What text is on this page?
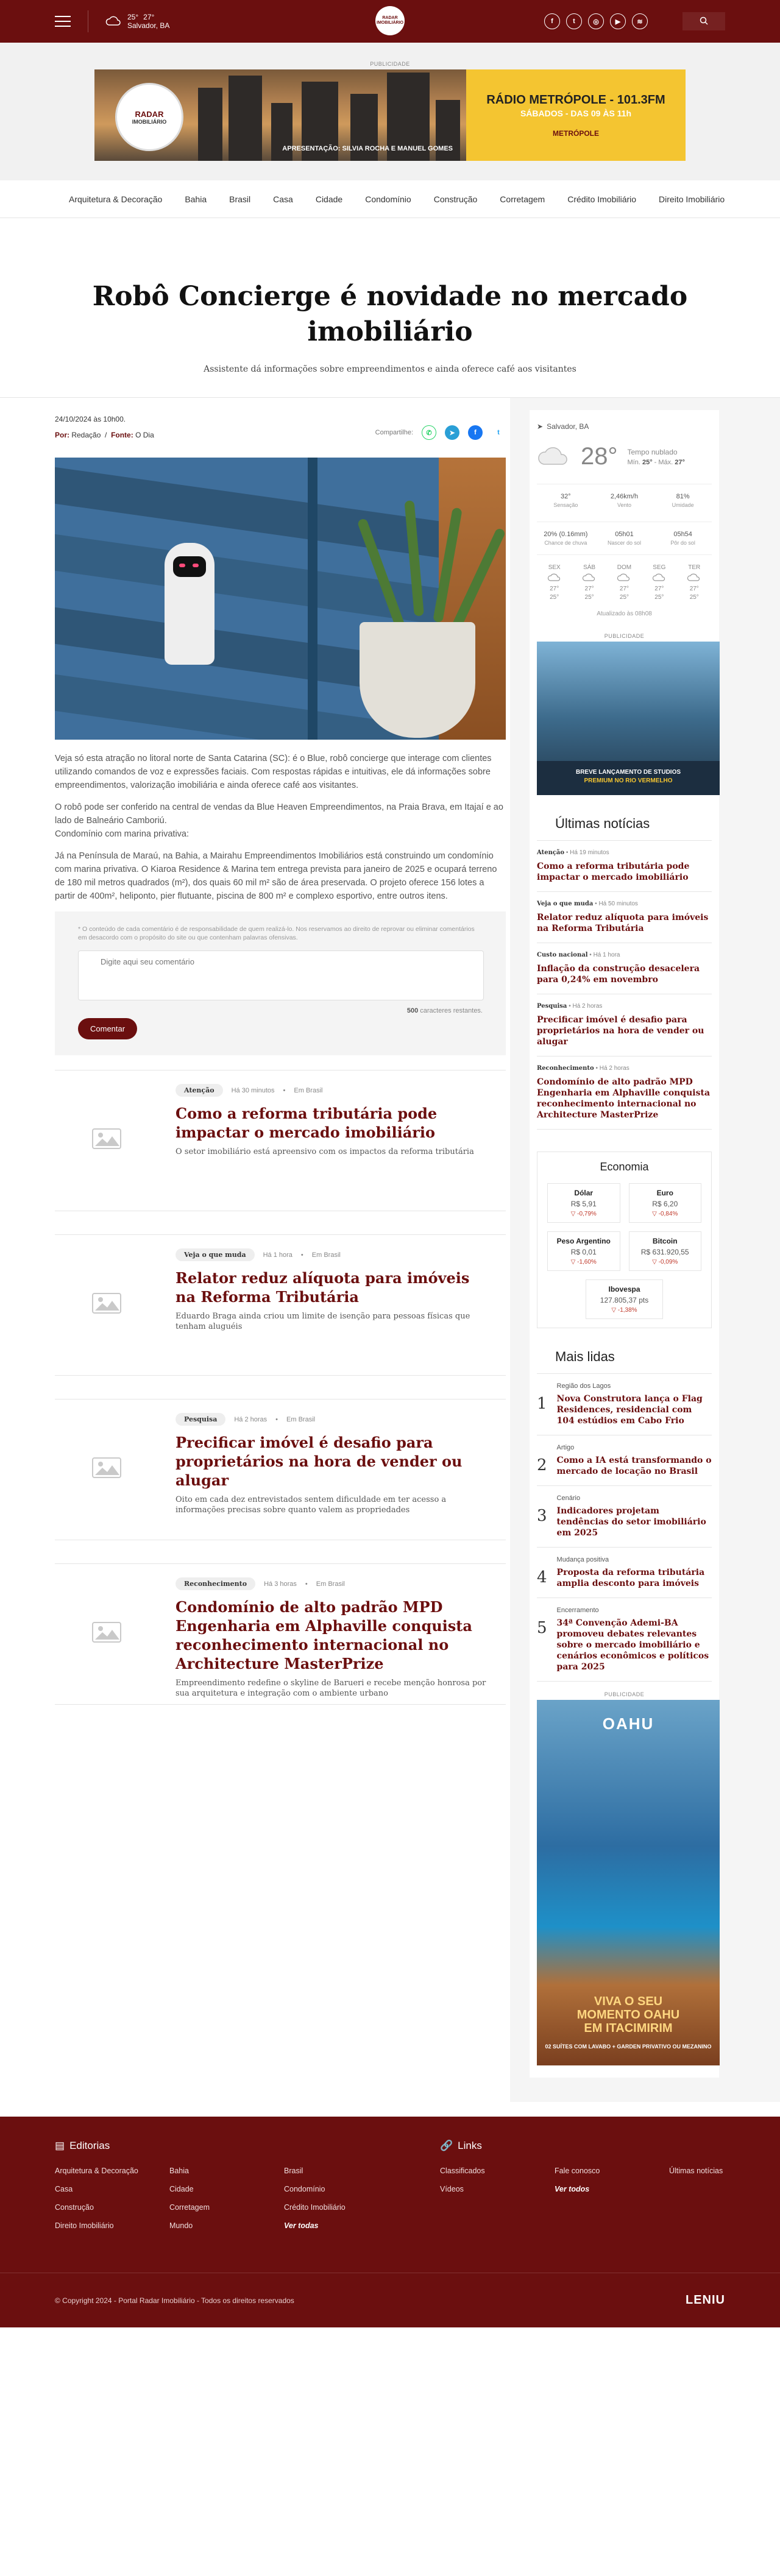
25° 27°
Salvador, BA
RADAR IMOBILIÁRIO	f	t	◎	▶	≋
PUBLICIDADE
RADAR
IMOBILIÁRIO
APRESENTAÇÃO: SILVIA ROCHA E MANUEL GOMES
RÁDIO METRÓPOLE - 101.3FM
SÁBADOS - DAS 09 ÀS 11h
METRÓPOLE
Arquitetura & Decoração	Bahia	Brasil	Casa	Cidade	Condomínio	Construção	Corretagem	Crédito Imobiliário	Direito Imobiliário
Robô Concierge é novidade no mercado imobiliário
Assistente dá informações sobre empreendimentos e ainda oferece café aos visitantes
24/10/2024 às 10h00.
Por: Redação  /  Fonte: O Dia	Compartilhe:	✆	➤	f	t

Veja só esta atração no litoral norte de Santa Catarina (SC): é o Blue, robô concierge que interage com clientes utilizando comandos de voz e expressões faciais. Com respostas rápidas e intuitivas, ele dá informações sobre empreendimentos, valorização imobiliária e ainda oferece café aos visitantes.

O robô pode ser conferido na central de vendas da Blue Heaven Empreendimentos, na Praia Brava, em Itajaí e ao lado de Balneário Camboriú.
Condomínio com marina privativa:

Já na Península de Maraú, na Bahia, a Mairahu Empreendimentos Imobiliários está construindo um condomínio com marina privativa. O Kiaroa Residence & Marina tem entrega prevista para janeiro de 2025 e ocupará terreno de 180 mil metros quadrados (m²), dos quais 60 mil m² são de área preservada. O projeto oferece 156 lotes a partir de 400m², heliponto, pier flutuante, piscina de 800 m² e complexo esportivo, entre outros itens.

* O conteúdo de cada comentário é de responsabilidade de quem realizá-lo. Nos reservamos ao direito de reprovar ou eliminar comentários em desacordo com o propósito do site ou que contenham palavras ofensivas.
Digite aqui seu comentário
500 caracteres restantes.
Comentar
Atenção	Há 30 minutos • Em Brasil
Como a reforma tributária pode impactar o mercado imobiliário

O setor imobiliário está apreensivo com os impactos da reforma tributária

Veja o que muda	Há 1 hora • Em Brasil
Relator reduz alíquota para imóveis na Reforma Tributária

Eduardo Braga ainda criou um limite de isenção para pessoas físicas que tenham aluguéis

Pesquisa	Há 2 horas • Em Brasil
Precificar imóvel é desafio para proprietários na hora de vender ou alugar

Oito em cada dez entrevistados sentem dificuldade em ter acesso a informações precisas sobre quanto valem as propriedades

Reconhecimento	Há 3 horas • Em Brasil
Condomínio de alto padrão MPD Engenharia em Alphaville conquista reconhecimento internacional no Architecture MasterPrize

Empreendimento redefine o skyline de Barueri e recebe menção honrosa por sua arquitetura e integração com o ambiente urbano

➤ Salvador, BA
28° Tempo nublado
Mín. 25° - Máx. 27°
32°
Sensação
2,46km/h
Vento
81%
Umidade
20% (0.16mm)
Chance de chuva
05h01
Nascer do sol
05h54
Pôr do sol
SEX
27°
25°
SÁB
27°
25°
DOM
27°
25°
SEG
27°
25°
TER
27°
25°
Atualizado às 08h08
PUBLICIDADE
BREVE LANÇAMENTO DE STUDIOS
PREMIUM NO RIO VERMELHO
Últimas notícias
Atenção • Há 19 minutos
Como a reforma tributária pode impactar o mercado imobiliário
Veja o que muda • Há 50 minutos
Relator reduz alíquota para imóveis na Reforma Tributária
Custo nacional • Há 1 hora
Inflação da construção desacelera para 0,24% em novembro
Pesquisa • Há 2 horas
Precificar imóvel é desafio para proprietários na hora de vender ou alugar
Reconhecimento • Há 2 horas
Condomínio de alto padrão MPD Engenharia em Alphaville conquista reconhecimento internacional no Architecture MasterPrize
Economia
Dólar
R$ 5,91
▽ -0,79%
Euro
R$ 6,20
▽ -0,84%
Peso Argentino
R$ 0,01
▽ -1,60%
Bitcoin
R$ 631.920,55
▽ -0,09%
Ibovespa
127.805,37 pts
▽ -1,38%
Mais lidas
1
Região dos Lagos
Nova Construtora lança o Flag Residences, residencial com 104 estúdios em Cabo Frio
2
Artigo
Como a IA está transformando o mercado de locação no Brasil
3
Cenário
Indicadores projetam tendências do setor imobiliário em 2025
4
Mudança positiva
Proposta da reforma tributária amplia desconto para imóveis
5
Encerramento
34ª Convenção Ademi-BA promoveu debates relevantes sobre o mercado imobiliário e cenários econômicos e políticos para 2025
PUBLICIDADE
OAHU
VIVA O SEU
MOMENTO OAHU
EM ITACIMIRIM
02 SUÍTES COM LAVABO + GARDEN PRIVATIVO OU MEZANINO
▤ Editorias
Arquitetura & Decoração	Bahia	Brasil
Casa	Cidade	Condomínio
Construção	Corretagem	Crédito Imobiliário
Direito Imobiliário	Mundo	Ver todas
🔗 Links
Classificados	Fale conosco	Últimas notícias
Vídeos	Ver todos
© Copyright 2024 - Portal Radar Imobiliário - Todos os direitos reservados	LENIU
